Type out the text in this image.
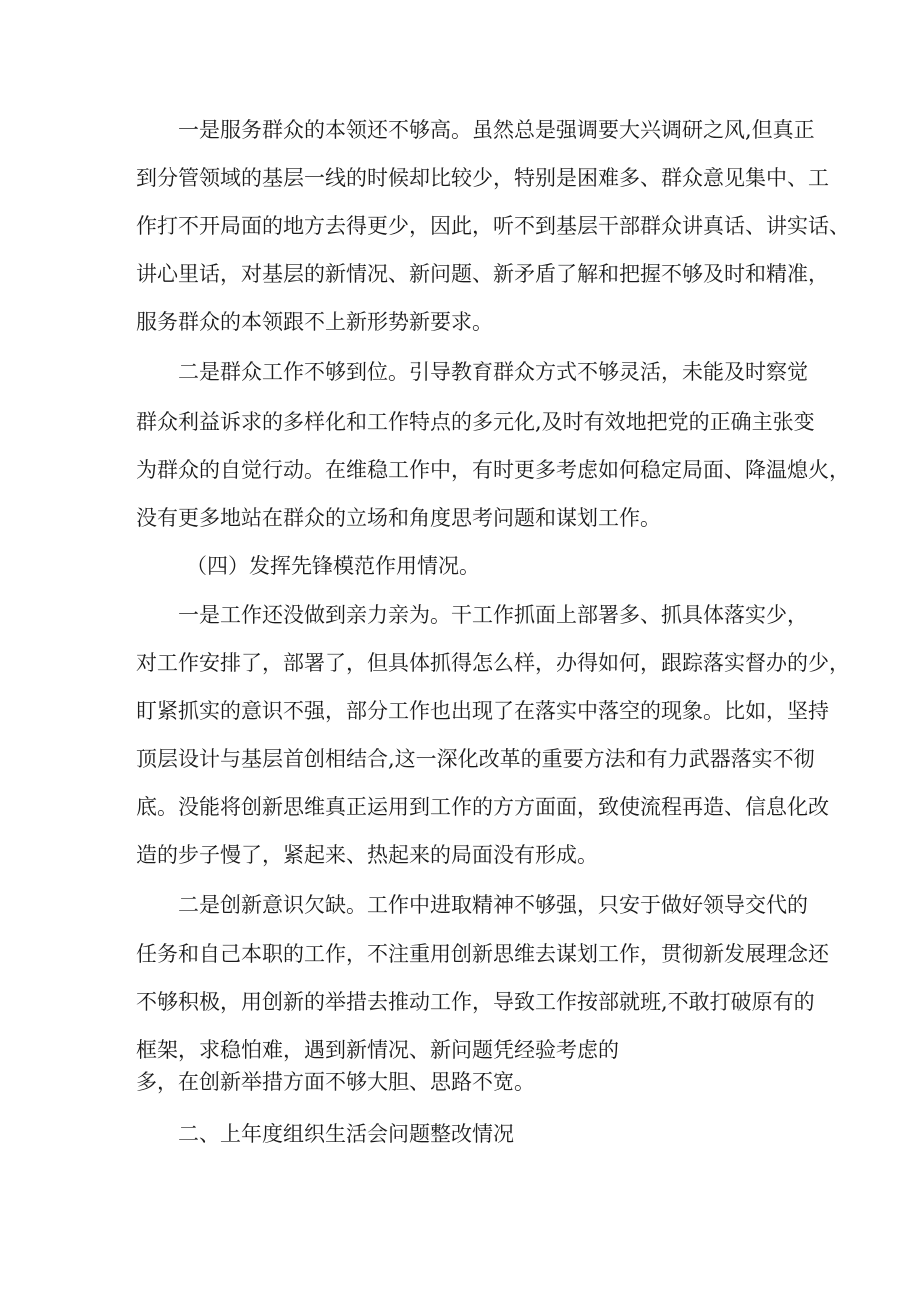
一是服务群众的本领还不够高。虽然总是强调要大兴调研之风,但真正

到分管领域的基层一线的时候却比较少，特别是困难多、群众意见集中、工

作打不开局面的地方去得更少，因此，听不到基层干部群众讲真话、讲实话、

讲心里话，对基层的新情况、新问题、新矛盾了解和把握不够及时和精准，

服务群众的本领跟不上新形势新要求。

二是群众工作不够到位。引导教育群众方式不够灵活，未能及时察觉

群众利益诉求的多样化和工作特点的多元化,及时有效地把党的正确主张变

为群众的自觉行动。在维稳工作中，有时更多考虑如何稳定局面、降温熄火，

没有更多地站在群众的立场和角度思考问题和谋划工作。

（四）发挥先锋模范作用情况。

一是工作还没做到亲力亲为。干工作抓面上部署多、抓具体落实少，

对工作安排了，部署了，但具体抓得怎么样，办得如何，跟踪落实督办的少，

盯紧抓实的意识不强，部分工作也出现了在落实中落空的现象。比如，坚持

顶层设计与基层首创相结合,这一深化改革的重要方法和有力武器落实不彻

底。没能将创新思维真正运用到工作的方方面面，致使流程再造、信息化改

造的步子慢了，紧起来、热起来的局面没有形成。

二是创新意识欠缺。工作中进取精神不够强，只安于做好领导交代的

任务和自己本职的工作，不注重用创新思维去谋划工作，贯彻新发展理念还

不够积极，用创新的举措去推动工作，导致工作按部就班,不敢打破原有的

框架，求稳怕难，遇到新情况、新问题凭经验考虑的

多，在创新举措方面不够大胆、思路不宽。

二、上年度组织生活会问题整改情况
